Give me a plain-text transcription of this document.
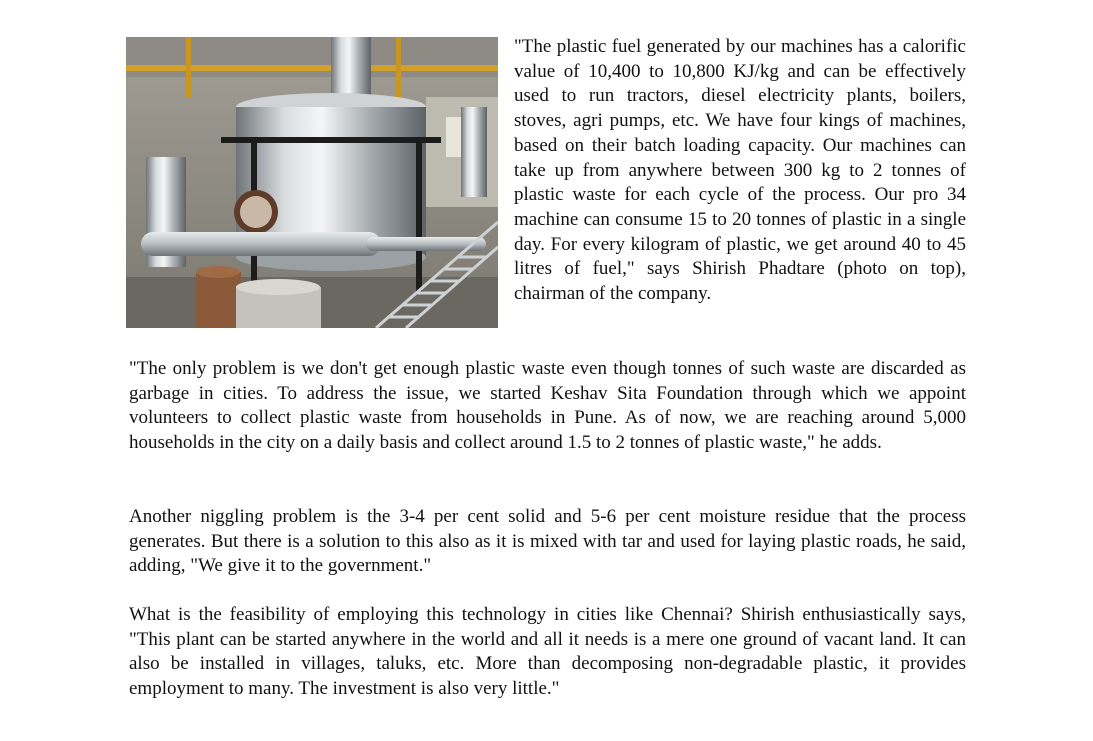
"The plastic fuel generated by our machines has a calorific value of 10,400 to 10,800 KJ/kg and can be effectively used to run tractors, diesel electricity plants, boilers, stoves, agri pumps, etc. We have four kings of machines, based on their batch loading capacity. Our machines can take up from anywhere between 300 kg to 2 tonnes of plastic waste for each cycle of the process. Our pro 34 machine can consume 15 to 20 tonnes of plastic in a single day. For every kilogram of plastic, we get around 40 to 45 litres of fuel," says Shirish Phadtare (photo on top), chairman of the company.

"The only problem is we don't get enough plastic waste even though tonnes of such waste are discarded as garbage in cities. To address the issue, we started Keshav Sita Foundation through which we appoint volunteers to collect plastic waste from households in Pune. As of now, we are reaching around 5,000 households in the city on a daily basis and collect around 1.5 to 2 tonnes of plastic waste," he adds.

Another niggling problem is the 3-4 per cent solid and 5-6 per cent moisture residue that the process generates. But there is a solution to this also as it is mixed with tar and used for laying plastic roads, he said, adding, "We give it to the government."

What is the feasibility of employing this technology in cities like Chennai? Shirish enthusiastically says, "This plant can be started anywhere in the world and all it needs is a mere one ground of vacant land. It can also be installed in villages, taluks, etc. More than decomposing non-degradable plastic, it provides employment to many. The investment is also very little."
